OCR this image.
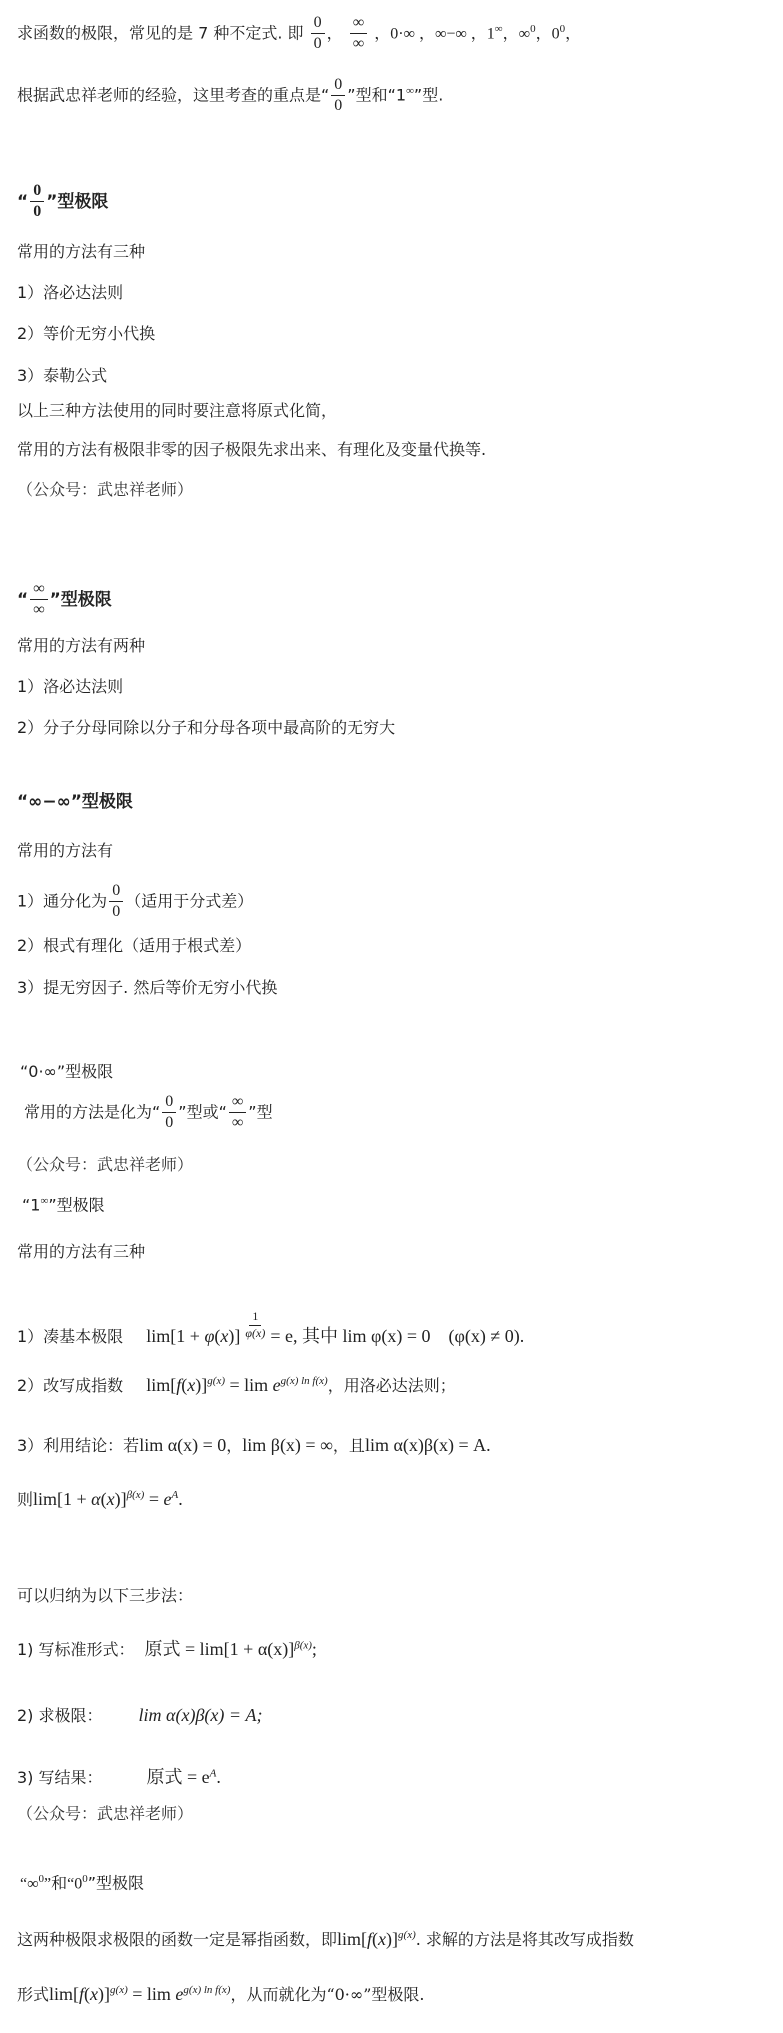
求函数的极限，常见的是 7 种不定式. 即 $\frac{0}{0}$ ， $\frac{\infty}{\infty}$ ，0·∞ ，∞−∞ ，1∞，∞$^0$，$0^0$，
根据武忠祥老师的经验，这里考查的重点是“ $\frac{0}{0}$ ”型和“1∞”型.
“ $\frac{0}{0}$ ”型极限
常用的方法有三种
1）洛必达法则
2）等价无穷小代换
3）泰勒公式
以上三种方法使用的同时要注意将原式化简，
常用的方法有极限非零的因子极限先求出来、有理化及变量代换等.
（公众号：武忠祥老师）
“ $\frac{\infty}{\infty}$ ”型极限
常用的方法有两种
1）洛必达法则
2）分子分母同除以分子和分母各项中最高阶的无穷大
“∞−∞”型极限
常用的方法有
1）通分化为 $\frac{0}{0}$ （适用于分式差）
2）根式有理化（适用于根式差）
3）提无穷因子. 然后等价无穷小代换
“0·∞”型极限
常用的方法是化为“ $\frac{0}{0}$ ”型或“ $\frac{\infty}{\infty}$ ”型
（公众号：武忠祥老师）
“1∞”型极限
常用的方法有三种
1）凑基本极限 $\lim[1 + \varphi(x)] \frac{1}{\varphi(x)} = e$, 其中 lim φ(x) = 0　(φ(x) ≠ 0).
2）改写成指数 $\lim[f(x)]^{g(x)} = \lim e^{g(x) ln f(x)}$，用洛必达法则；
3）利用结论：若lim α(x) = 0，lim β(x) = ∞，且lim α(x)β(x) = A.
则$\lim[1 + \alpha(x)]^{\beta(x)} = e^A$.
可以归纳为以下三步法：
1) 写标准形式： 原式 = $\lim[1 + \alpha(x)]^{\beta(x)}$;
2) 求极限： lim α(x)β(x) = A;
3) 写结果： 原式 = $e^A$.
（公众号：武忠祥老师）
“∞$^0$”和“$0^0$”型极限
这两种极限求极限的函数一定是幂指函数，即$\lim[f(x)]^{g(x)}$. 求解的方法是将其改写成指数
形式$\lim[f(x)]^{g(x)} = \lim e^{g(x) ln f(x)}$，从而就化为“0·∞”型极限.
